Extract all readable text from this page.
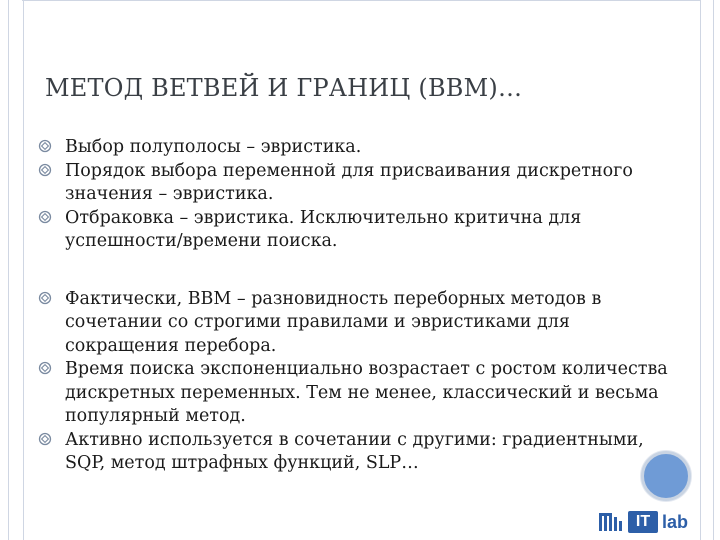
МЕТОД ВЕТВЕЙ И ГРАНИЦ (BBM)…
Выбор полуполосы – эвристика.
Порядок выбора переменной для присваивания дискретного значения – эвристика.
Отбраковка – эвристика. Исключительно критична для успешности/времени поиска.
Фактически, BBM – разновидность переборных методов в сочетании со строгими правилами и эвристиками для сокращения перебора.
Время поиска экспоненциально возрастает с ростом количества дискретных переменных. Тем не менее, классический и весьма популярный метод.
Активно используется в сочетании с другими: градиентными, SQP, метод штрафных функций, SLP…
IT lab
